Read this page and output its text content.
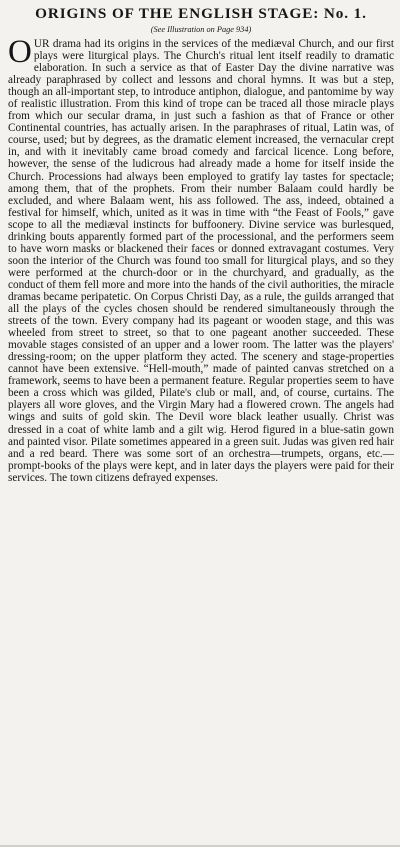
ORIGINS OF THE ENGLISH STAGE: No. 1.

(See Illustration on Page 934)

OUR drama had its origins in the services of the mediæval Church, and our first plays were liturgical plays. The Church's ritual lent itself readily to dramatic elaboration. In such a service as that of Easter Day the divine narrative was already paraphrased by collect and lessons and choral hymns. It was but a step, though an all-important step, to introduce antiphon, dialogue, and pantomime by way of realistic illustration. From this kind of trope can be traced all those miracle plays from which our secular drama, in just such a fashion as that of France or other Continental countries, has actually arisen. In the paraphrases of ritual, Latin was, of course, used; but by degrees, as the dramatic element increased, the vernacular crept in, and with it inevitably came broad comedy and farcical licence. Long before, however, the sense of the ludicrous had already made a home for itself inside the Church. Processions had always been employed to gratify lay tastes for spectacle; among them, that of the prophets. From their number Balaam could hardly be excluded, and where Balaam went, his ass followed. The ass, indeed, obtained a festival for himself, which, united as it was in time with “the Feast of Fools,” gave scope to all the mediæval instincts for buffoonery. Divine service was burlesqued, drinking bouts apparently formed part of the processional, and the performers seem to have worn masks or blackened their faces or donned extravagant costumes. Very soon the interior of the Church was found too small for liturgical plays, and so they were performed at the church-door or in the churchyard, and gradually, as the conduct of them fell more and more into the hands of the civil authorities, the miracle dramas became peripatetic. On Corpus Christi Day, as a rule, the guilds arranged that all the plays of the cycles chosen should be rendered simultaneously through the streets of the town. Every company had its pageant or wooden stage, and this was wheeled from street to street, so that to one pageant another succeeded. These movable stages consisted of an upper and a lower room. The latter was the players' dressing-room; on the upper platform they acted. The scenery and stage-properties cannot have been extensive. “Hell-mouth,” made of painted canvas stretched on a framework, seems to have been a permanent feature. Regular properties seem to have been a cross which was gilded, Pilate's club or mall, and, of course, curtains. The players all wore gloves, and the Virgin Mary had a flowered crown. The angels had wings and suits of gold skin. The Devil wore black leather usually. Christ was dressed in a coat of white lamb and a gilt wig. Herod figured in a blue-satin gown and painted visor. Pilate sometimes appeared in a green suit. Judas was given red hair and a red beard. There was some sort of an orchestra—trumpets, organs, etc.—prompt-books of the plays were kept, and in later days the players were paid for their services. The town citizens defrayed expenses.
